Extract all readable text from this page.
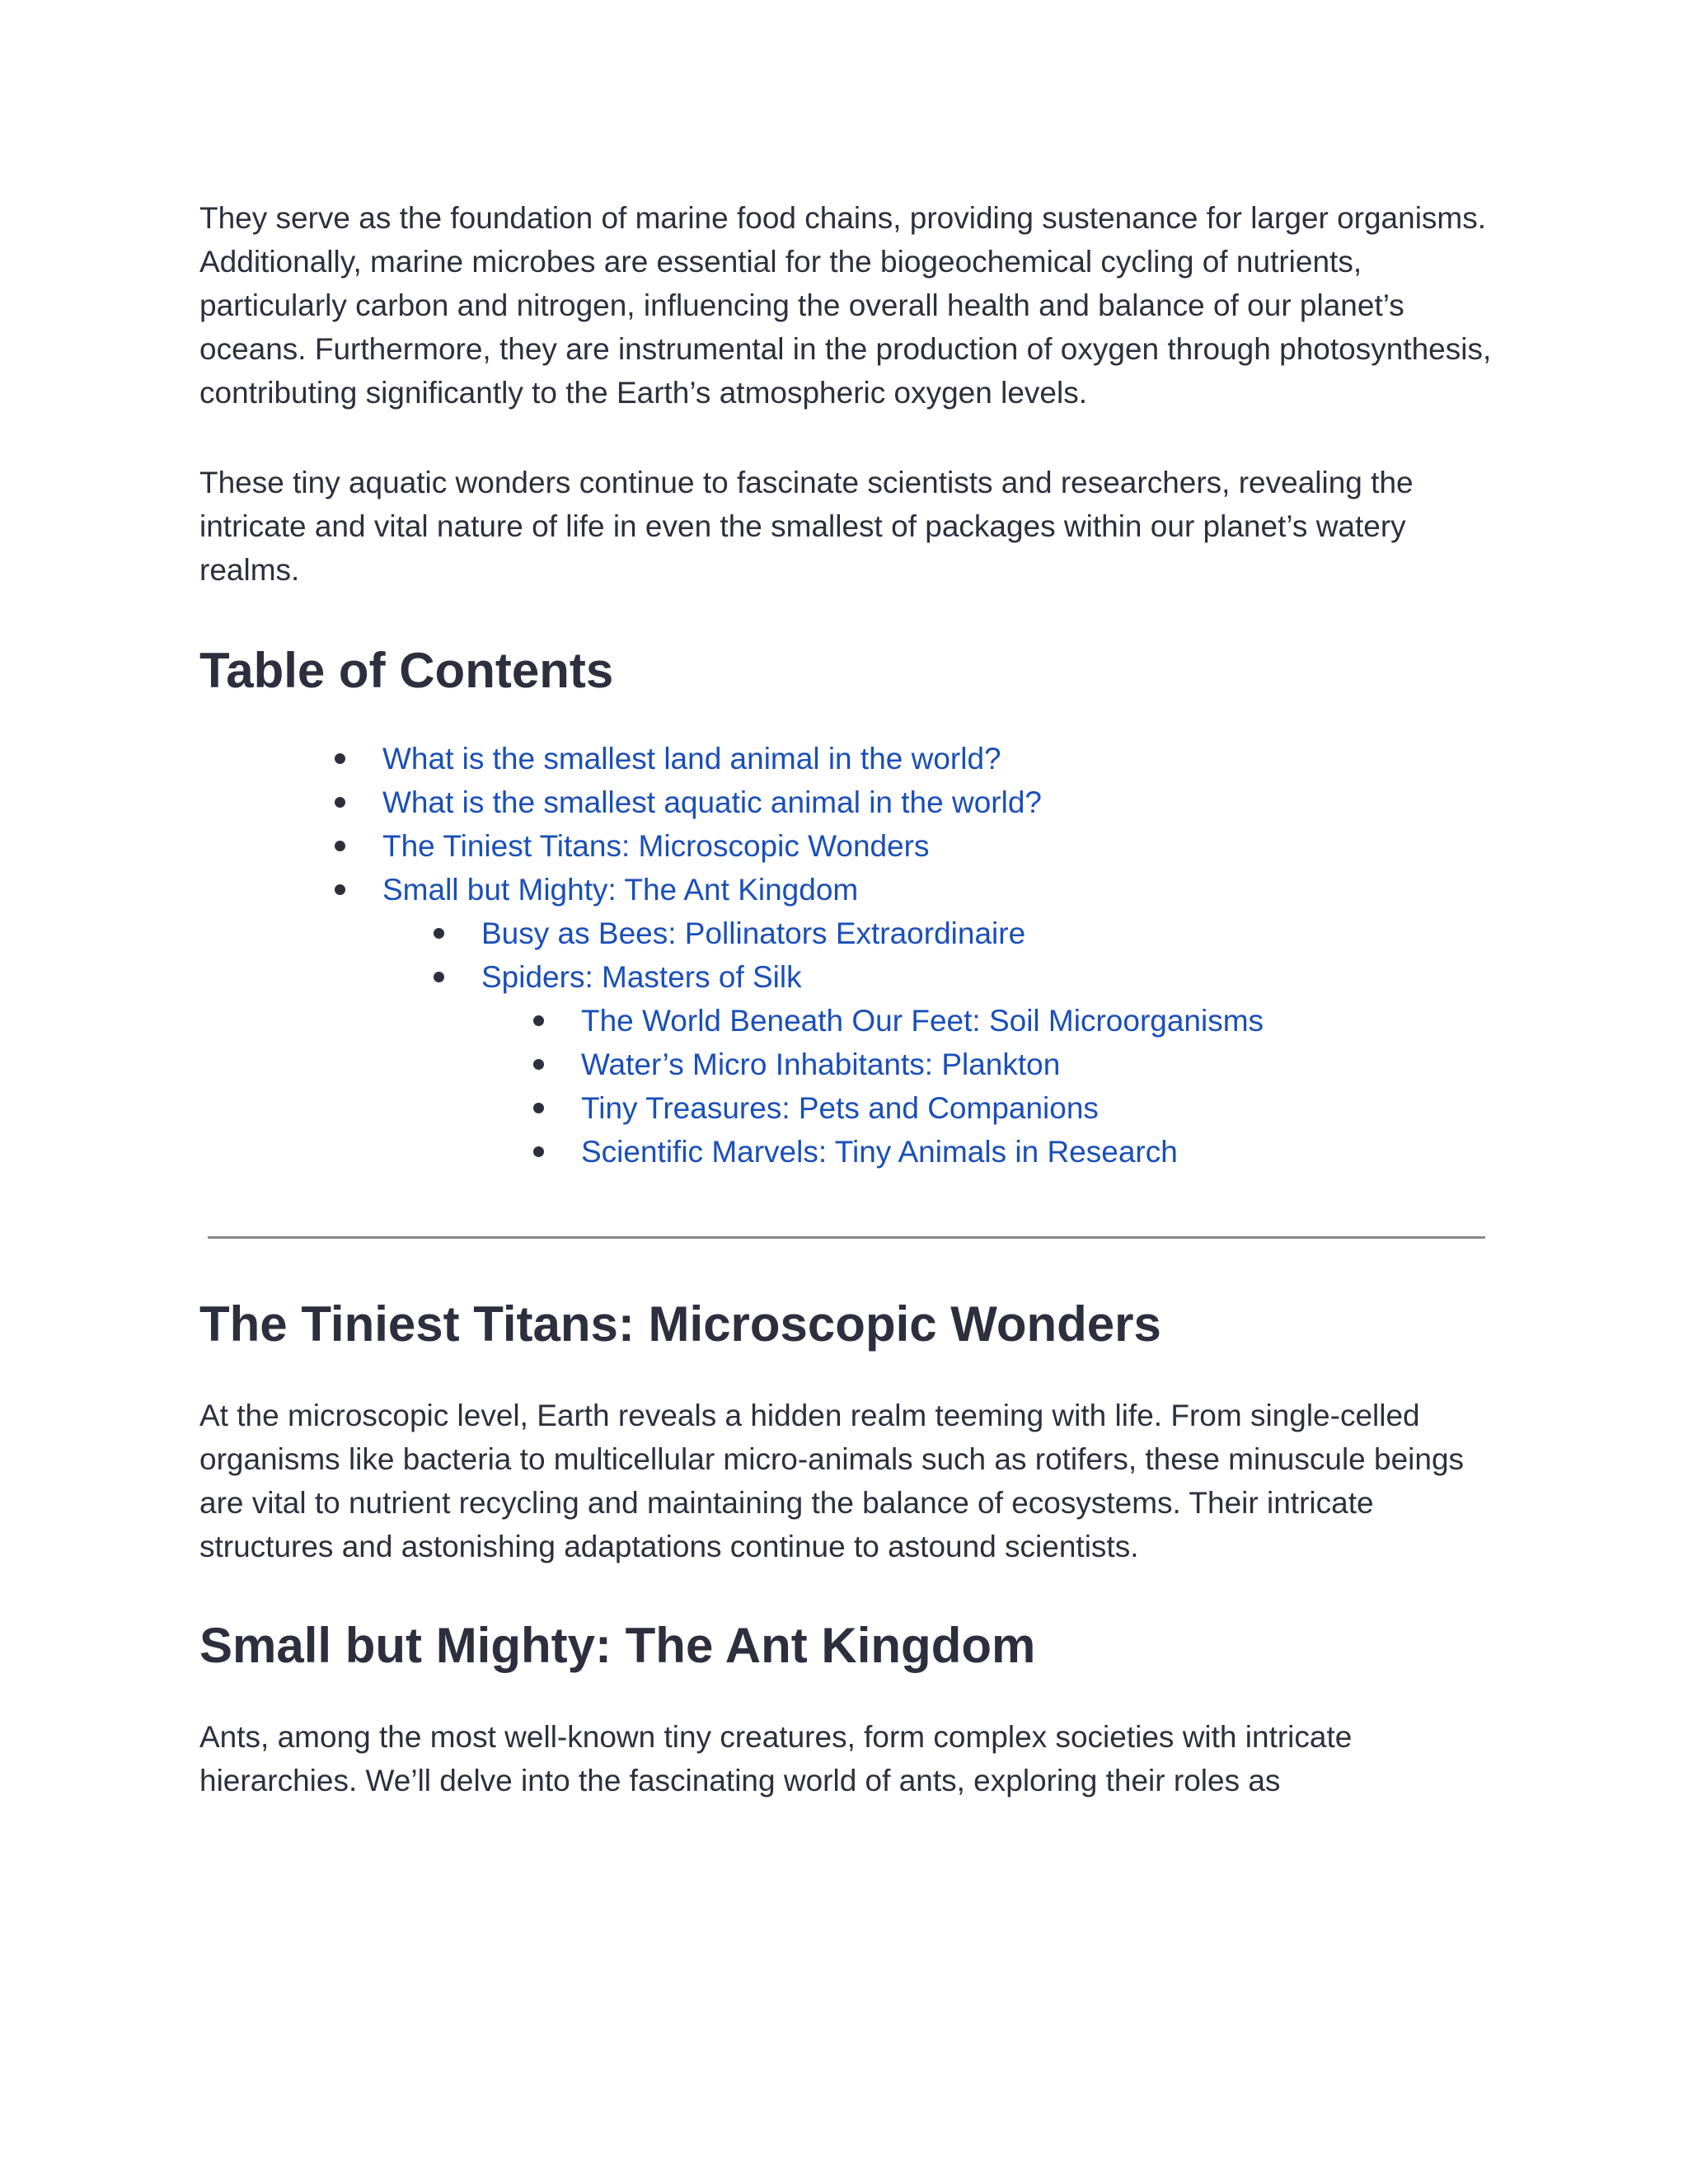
They serve as the foundation of marine food chains, providing sustenance for larger organisms. Additionally, marine microbes are essential for the biogeochemical cycling of nutrients, particularly carbon and nitrogen, influencing the overall health and balance of our planet’s oceans. Furthermore, they are instrumental in the production of oxygen through photosynthesis, contributing significantly to the Earth’s atmospheric oxygen levels.

These tiny aquatic wonders continue to fascinate scientists and researchers, revealing the intricate and vital nature of life in even the smallest of packages within our planet’s watery realms.

Table of Contents
What is the smallest land animal in the world?
What is the smallest aquatic animal in the world?
The Tiniest Titans: Microscopic Wonders
Small but Mighty: The Ant Kingdom
Busy as Bees: Pollinators Extraordinaire
Spiders: Masters of Silk
The World Beneath Our Feet: Soil Microorganisms
Water’s Micro Inhabitants: Plankton
Tiny Treasures: Pets and Companions
Scientific Marvels: Tiny Animals in Research
The Tiniest Titans: Microscopic Wonders

At the microscopic level, Earth reveals a hidden realm teeming with life. From single-celled organisms like bacteria to multicellular micro-animals such as rotifers, these minuscule beings are vital to nutrient recycling and maintaining the balance of ecosystems. Their intricate structures and astonishing adaptations continue to astound scientists.

Small but Mighty: The Ant Kingdom

Ants, among the most well-known tiny creatures, form complex societies with intricate hierarchies. We’ll delve into the fascinating world of ants, exploring their roles as
